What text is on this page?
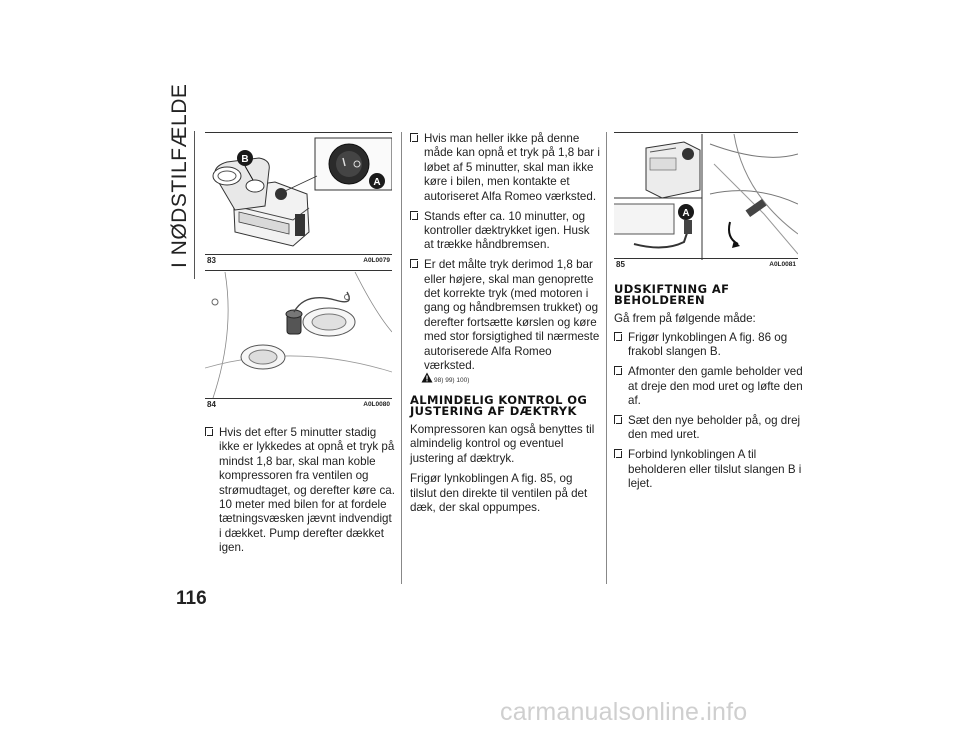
I NØDSTILFÆLDE	B
A
83	A0L0079
84	A0L0080
Hvis det efter 5 minutter stadig ikke er lykkedes at opnå et tryk på mindst 1,8 bar, skal man koble kompressoren fra ventilen og strømudtaget, og derefter køre ca. 10 meter med bilen for at fordele tætningsvæsken jævnt indvendigt i dækket. Pump derefter dækket igen.
Hvis man heller ikke på denne måde kan opnå et tryk på 1,8 bar i løbet af 5 minutter, skal man ikke køre i bilen, men kontakte et autoriseret Alfa Romeo værksted.
Stands efter ca. 10 minutter, og kontroller dæktrykket igen. Husk at trække håndbremsen.
Er det målte tryk derimod 1,8 bar eller højere, skal man genoprette det korrekte tryk (med motoren i gang og håndbremsen trukket) og derefter fortsætte kørslen og køre med stor forsigtighed til nærmeste autoriserede Alfa Romeo værksted.
98) 99) 100)
ALMINDELIG KONTROL OG JUSTERING AF DÆKTRYK

Kompressoren kan også benyttes til almindelig kontrol og eventuel justering af dæktryk.

Frigør lynkoblingen A fig. 85, og tilslut den direkte til ventilen på det dæk, der skal oppumpes.

A
85	A0L0081
UDSKIFTNING AF BEHOLDEREN

Gå frem på følgende måde:

Frigør lynkoblingen A fig. 86 og frakobl slangen B.
Afmonter den gamle beholder ved at dreje den mod uret og løfte den af.
Sæt den nye beholder på, og drej den med uret.
Forbind lynkoblingen A til beholderen eller tilslut slangen B i lejet.
116
carmanualsonline.info
